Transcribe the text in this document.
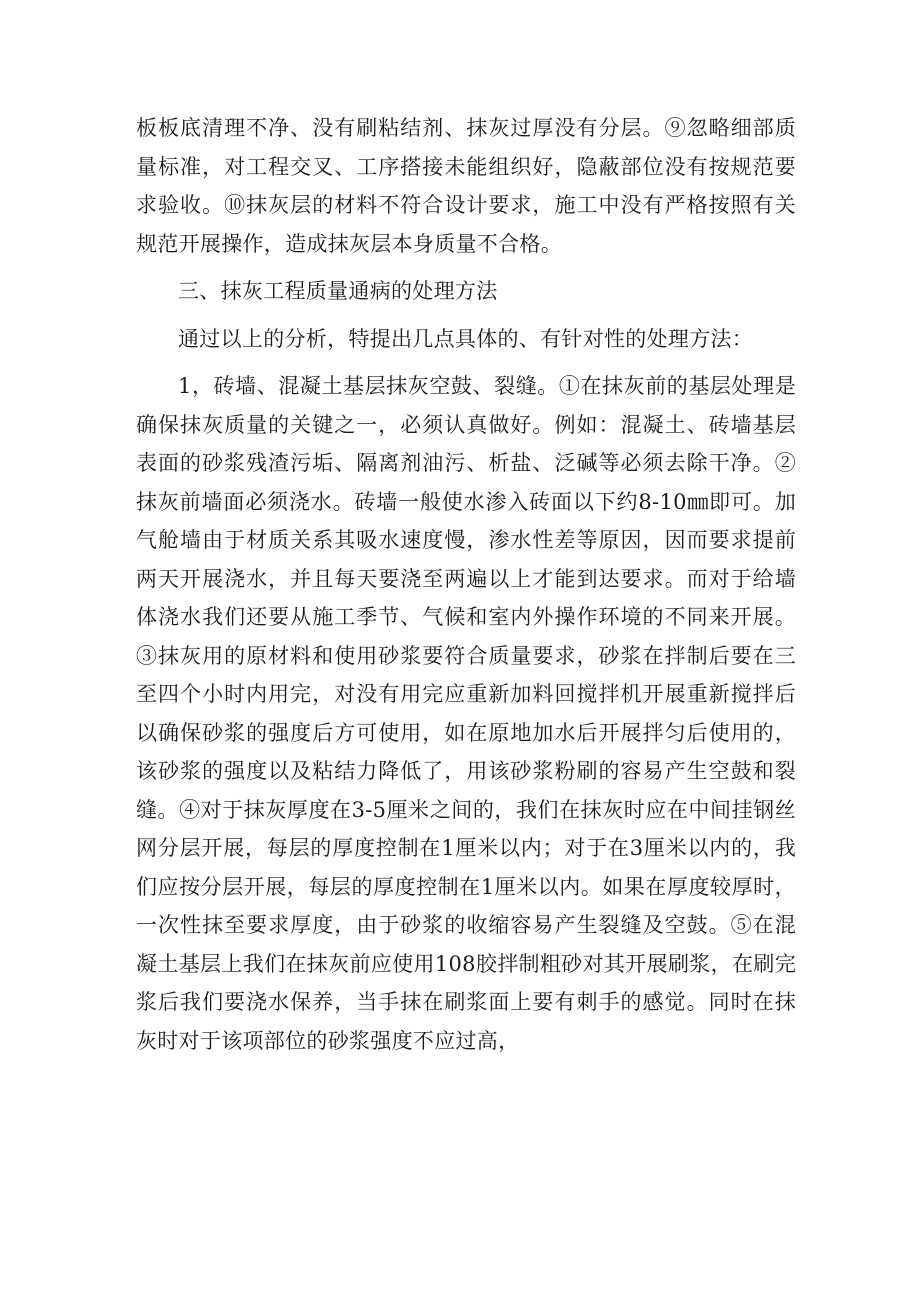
板板底清理不净、没有刷粘结剂、抹灰过厚没有分层。⑨忽略细部质量标准，对工程交叉、工序搭接未能组织好，隐蔽部位没有按规范要求验收。⑩抹灰层的材料不符合设计要求，施工中没有严格按照有关规范开展操作，造成抹灰层本身质量不合格。

三、抹灰工程质量通病的处理方法

通过以上的分析，特提出几点具体的、有针对性的处理方法：

1，砖墙、混凝土基层抹灰空鼓、裂缝。①在抹灰前的基层处理是确保抹灰质量的关键之一，必须认真做好。例如：混凝土、砖墙基层表面的砂浆残渣污垢、隔离剂油污、析盐、泛碱等必须去除干净。②抹灰前墙面必须浇水。砖墙一般使水渗入砖面以下约8-10㎜即可。加气舱墙由于材质关系其吸水速度慢，渗水性差等原因，因而要求提前两天开展浇水，并且每天要浇至两遍以上才能到达要求。而对于给墙体浇水我们还要从施工季节、气候和室内外操作环境的不同来开展。③抹灰用的原材料和使用砂浆要符合质量要求，砂浆在拌制后要在三至四个小时内用完，对没有用完应重新加料回搅拌机开展重新搅拌后以确保砂浆的强度后方可使用，如在原地加水后开展拌匀后使用的，该砂浆的强度以及粘结力降低了，用该砂浆粉刷的容易产生空鼓和裂缝。④对于抹灰厚度在3-5厘米之间的，我们在抹灰时应在中间挂钢丝网分层开展，每层的厚度控制在1厘米以内；对于在3厘米以内的，我们应按分层开展，每层的厚度控制在1厘米以内。如果在厚度较厚时，一次性抹至要求厚度，由于砂浆的收缩容易产生裂缝及空鼓。⑤在混凝土基层上我们在抹灰前应使用108胶拌制粗砂对其开展刷浆，在刷完浆后我们要浇水保养，当手抹在刷浆面上要有刺手的感觉。同时在抹灰时对于该项部位的砂浆强度不应过高，
